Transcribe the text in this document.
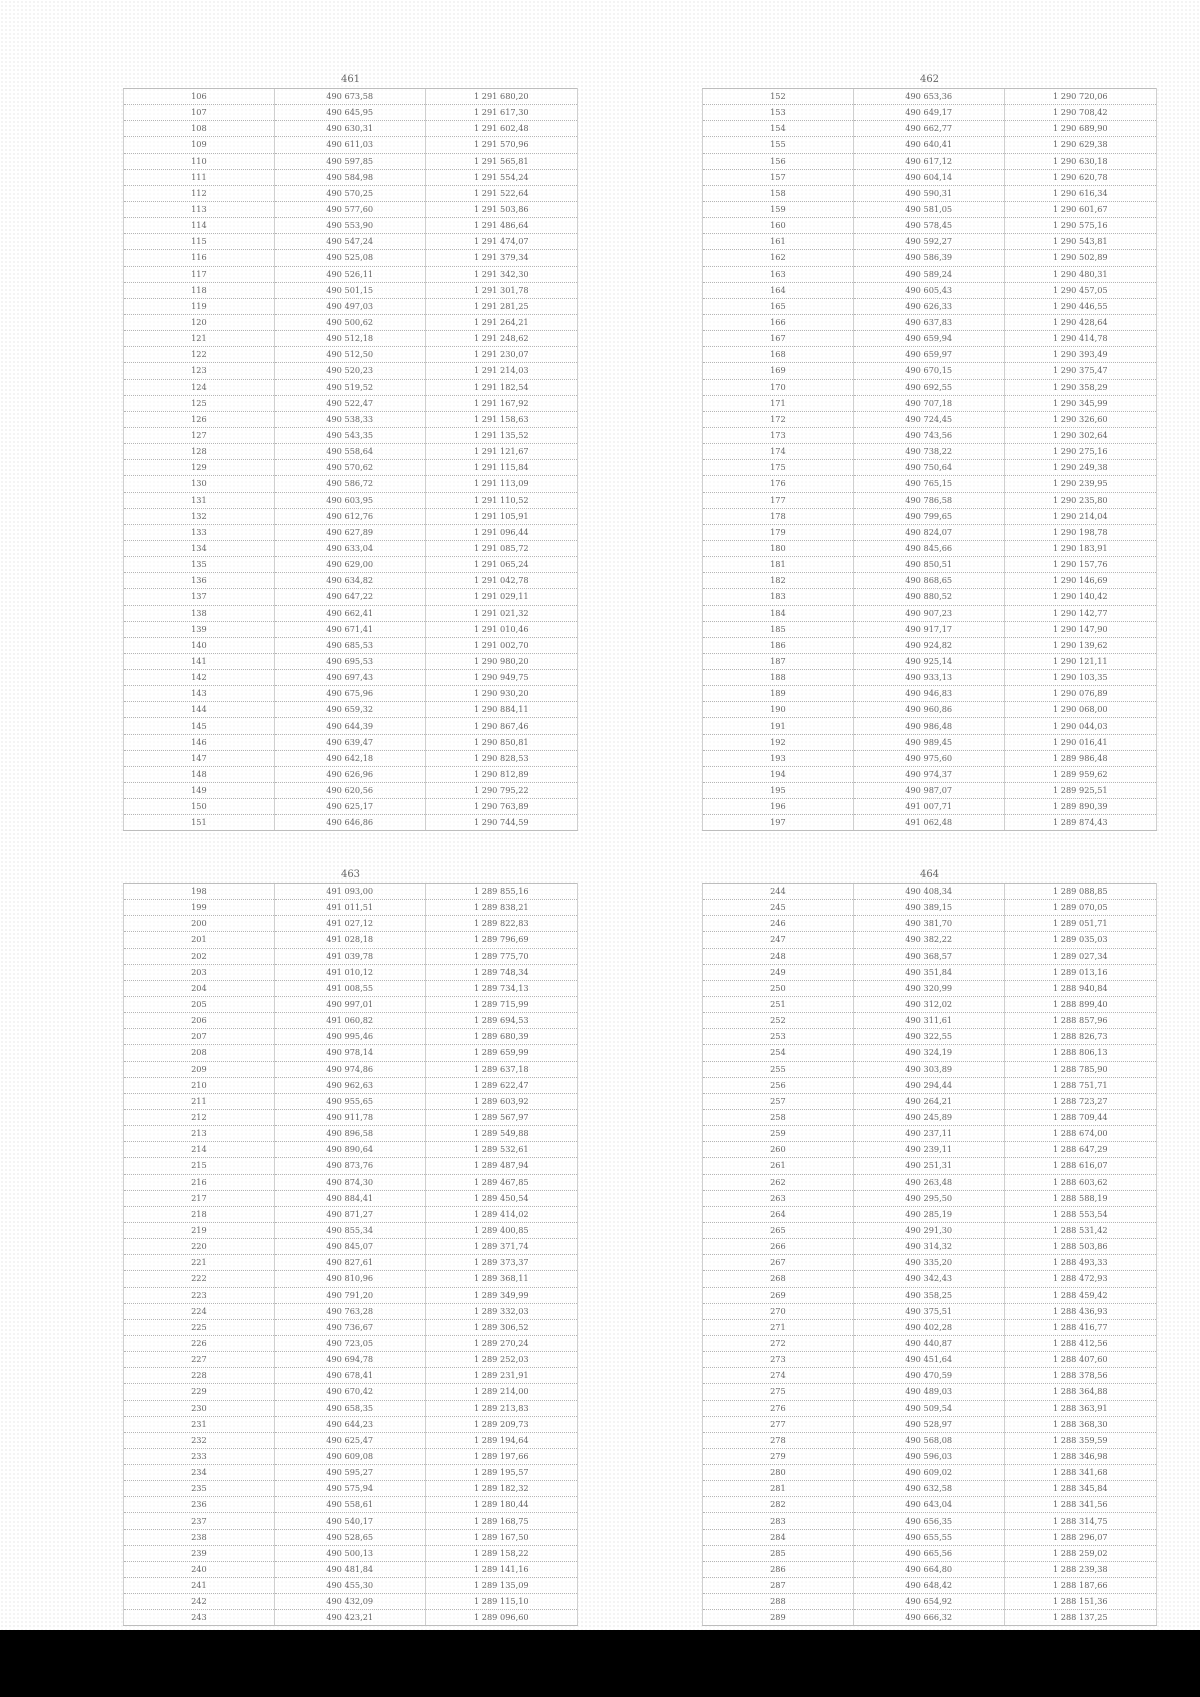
461
106	490 673,58	1 291 680,20
107	490 645,95	1 291 617,30
108	490 630,31	1 291 602,48
109	490 611,03	1 291 570,96
110	490 597,85	1 291 565,81
111	490 584,98	1 291 554,24
112	490 570,25	1 291 522,64
113	490 577,60	1 291 503,86
114	490 553,90	1 291 486,64
115	490 547,24	1 291 474,07
116	490 525,08	1 291 379,34
117	490 526,11	1 291 342,30
118	490 501,15	1 291 301,78
119	490 497,03	1 291 281,25
120	490 500,62	1 291 264,21
121	490 512,18	1 291 248,62
122	490 512,50	1 291 230,07
123	490 520,23	1 291 214,03
124	490 519,52	1 291 182,54
125	490 522,47	1 291 167,92
126	490 538,33	1 291 158,63
127	490 543,35	1 291 135,52
128	490 558,64	1 291 121,67
129	490 570,62	1 291 115,84
130	490 586,72	1 291 113,09
131	490 603,95	1 291 110,52
132	490 612,76	1 291 105,91
133	490 627,89	1 291 096,44
134	490 633,04	1 291 085,72
135	490 629,00	1 291 065,24
136	490 634,82	1 291 042,78
137	490 647,22	1 291 029,11
138	490 662,41	1 291 021,32
139	490 671,41	1 291 010,46
140	490 685,53	1 291 002,70
141	490 695,53	1 290 980,20
142	490 697,43	1 290 949,75
143	490 675,96	1 290 930,20
144	490 659,32	1 290 884,11
145	490 644,39	1 290 867,46
146	490 639,47	1 290 850,81
147	490 642,18	1 290 828,53
148	490 626,96	1 290 812,89
149	490 620,56	1 290 795,22
150	490 625,17	1 290 763,89
151	490 646,86	1 290 744,59
462
152	490 653,36	1 290 720,06
153	490 649,17	1 290 708,42
154	490 662,77	1 290 689,90
155	490 640,41	1 290 629,38
156	490 617,12	1 290 630,18
157	490 604,14	1 290 620,78
158	490 590,31	1 290 616,34
159	490 581,05	1 290 601,67
160	490 578,45	1 290 575,16
161	490 592,27	1 290 543,81
162	490 586,39	1 290 502,89
163	490 589,24	1 290 480,31
164	490 605,43	1 290 457,05
165	490 626,33	1 290 446,55
166	490 637,83	1 290 428,64
167	490 659,94	1 290 414,78
168	490 659,97	1 290 393,49
169	490 670,15	1 290 375,47
170	490 692,55	1 290 358,29
171	490 707,18	1 290 345,99
172	490 724,45	1 290 326,60
173	490 743,56	1 290 302,64
174	490 738,22	1 290 275,16
175	490 750,64	1 290 249,38
176	490 765,15	1 290 239,95
177	490 786,58	1 290 235,80
178	490 799,65	1 290 214,04
179	490 824,07	1 290 198,78
180	490 845,66	1 290 183,91
181	490 850,51	1 290 157,76
182	490 868,65	1 290 146,69
183	490 880,52	1 290 140,42
184	490 907,23	1 290 142,77
185	490 917,17	1 290 147,90
186	490 924,82	1 290 139,62
187	490 925,14	1 290 121,11
188	490 933,13	1 290 103,35
189	490 946,83	1 290 076,89
190	490 960,86	1 290 068,00
191	490 986,48	1 290 044,03
192	490 989,45	1 290 016,41
193	490 975,60	1 289 986,48
194	490 974,37	1 289 959,62
195	490 987,07	1 289 925,51
196	491 007,71	1 289 890,39
197	491 062,48	1 289 874,43
463
198	491 093,00	1 289 855,16
199	491 011,51	1 289 838,21
200	491 027,12	1 289 822,83
201	491 028,18	1 289 796,69
202	491 039,78	1 289 775,70
203	491 010,12	1 289 748,34
204	491 008,55	1 289 734,13
205	490 997,01	1 289 715,99
206	491 060,82	1 289 694,53
207	490 995,46	1 289 680,39
208	490 978,14	1 289 659,99
209	490 974,86	1 289 637,18
210	490 962,63	1 289 622,47
211	490 955,65	1 289 603,92
212	490 911,78	1 289 567,97
213	490 896,58	1 289 549,88
214	490 890,64	1 289 532,61
215	490 873,76	1 289 487,94
216	490 874,30	1 289 467,85
217	490 884,41	1 289 450,54
218	490 871,27	1 289 414,02
219	490 855,34	1 289 400,85
220	490 845,07	1 289 371,74
221	490 827,61	1 289 373,37
222	490 810,96	1 289 368,11
223	490 791,20	1 289 349,99
224	490 763,28	1 289 332,03
225	490 736,67	1 289 306,52
226	490 723,05	1 289 270,24
227	490 694,78	1 289 252,03
228	490 678,41	1 289 231,91
229	490 670,42	1 289 214,00
230	490 658,35	1 289 213,83
231	490 644,23	1 289 209,73
232	490 625,47	1 289 194,64
233	490 609,08	1 289 197,66
234	490 595,27	1 289 195,57
235	490 575,94	1 289 182,32
236	490 558,61	1 289 180,44
237	490 540,17	1 289 168,75
238	490 528,65	1 289 167,50
239	490 500,13	1 289 158,22
240	490 481,84	1 289 141,16
241	490 455,30	1 289 135,09
242	490 432,09	1 289 115,10
243	490 423,21	1 289 096,60
464
244	490 408,34	1 289 088,85
245	490 389,15	1 289 070,05
246	490 381,70	1 289 051,71
247	490 382,22	1 289 035,03
248	490 368,57	1 289 027,34
249	490 351,84	1 289 013,16
250	490 320,99	1 288 940,84
251	490 312,02	1 288 899,40
252	490 311,61	1 288 857,96
253	490 322,55	1 288 826,73
254	490 324,19	1 288 806,13
255	490 303,89	1 288 785,90
256	490 294,44	1 288 751,71
257	490 264,21	1 288 723,27
258	490 245,89	1 288 709,44
259	490 237,11	1 288 674,00
260	490 239,11	1 288 647,29
261	490 251,31	1 288 616,07
262	490 263,48	1 288 603,62
263	490 295,50	1 288 588,19
264	490 285,19	1 288 553,54
265	490 291,30	1 288 531,42
266	490 314,32	1 288 503,86
267	490 335,20	1 288 493,33
268	490 342,43	1 288 472,93
269	490 358,25	1 288 459,42
270	490 375,51	1 288 436,93
271	490 402,28	1 288 416,77
272	490 440,87	1 288 412,56
273	490 451,64	1 288 407,60
274	490 470,59	1 288 378,56
275	490 489,03	1 288 364,88
276	490 509,54	1 288 363,91
277	490 528,97	1 288 368,30
278	490 568,08	1 288 359,59
279	490 596,03	1 288 346,98
280	490 609,02	1 288 341,68
281	490 632,58	1 288 345,84
282	490 643,04	1 288 341,56
283	490 656,35	1 288 314,75
284	490 655,55	1 288 296,07
285	490 665,56	1 288 259,02
286	490 664,80	1 288 239,38
287	490 648,42	1 288 187,66
288	490 654,92	1 288 151,36
289	490 666,32	1 288 137,25
